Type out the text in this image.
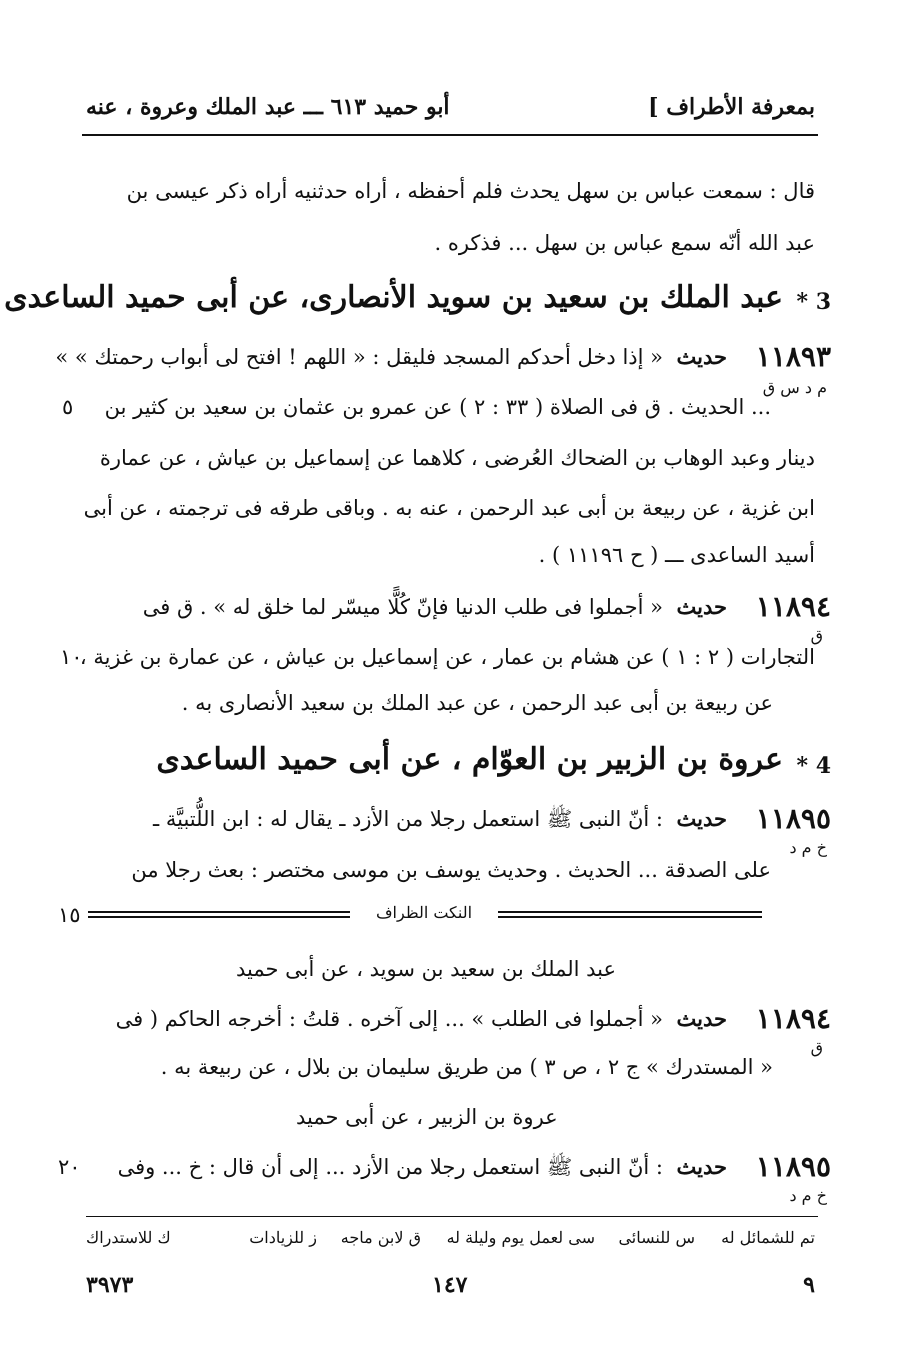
بمعرفة الأطراف ]
أبو حميد ٦١٣ ـــ عبد الملك وعروة ، عنه
قال : سمعت عباس بن سهل يحدث فلم أحفظه ، أراه حدثنيه أراه ذكر عيسى بن
عبد الله أنّه سمع عباس بن سهل ... فذكره .
3 *
عبد الملك بن سعيد بن سويد الأنصارى، عن أبى حميد الساعدى
١١٨٩٣
حديث
« إذا دخل أحدكم المسجد فليقل : « اللهم ! افتح لى أبواب رحمتك » »
م د س ق
... الحديث . ق فى الصلاة ( ٣٣ : ٢ ) عن عمرو بن عثمان بن سعيد بن كثير بن
٥
دينار وعبد الوهاب بن الضحاك العُرضى ، كلاهما عن إسماعيل بن عياش ، عن عمارة
ابن غزية ، عن ربيعة بن أبى عبد الرحمن ، عنه به . وباقى طرقه فى ترجمته ، عن أبى
أسيد الساعدى ـــ ( ح ١١١٩٦ ) .
١١٨٩٤
حديث
« أجملوا فى طلب الدنيا فإنّ كُلًّا ميسّر لما خلق له » . ق فى
ق
التجارات ( ٢ : ١ ) عن هشام بن عمار ، عن إسماعيل بن عياش ، عن عمارة بن غزية ،
١٠
عن ربيعة بن أبى عبد الرحمن ، عن عبد الملك بن سعيد الأنصارى به .
4 *
عروة بن الزبير بن العوّام ، عن أبى حميد الساعدى
١١٨٩٥
حديث
: أنّ النبى ﷺ استعمل رجلا من الأزد ـ يقال له : ابن اللُّتبيَّة ـ
خ م د
على الصدقة ... الحديث . وحديث يوسف بن موسى مختصر : بعث رجلا من
النكت الظراف
١٥
عبد الملك بن سعيد بن سويد ، عن أبى حميد
١١٨٩٤
حديث
« أجملوا فى الطلب » ... إلى آخره . قلتُ : أخرجه الحاكم ( فى
ق
« المستدرك » ج ٢ ، ص ٣ ) من طريق سليمان بن بلال ، عن ربيعة به .
عروة بن الزبير ، عن أبى حميد
١١٨٩٥
حديث
: أنّ النبى ﷺ استعمل رجلا من الأزد ... إلى أن قال : خ ... وفى
خ م د
٢٠
تم للشمائل له
س للنسائى
سى لعمل يوم وليلة له
ق لابن ماجه
ز للزيادات
ك للاستدراك
٩
١٤٧
٣٩٧٣
